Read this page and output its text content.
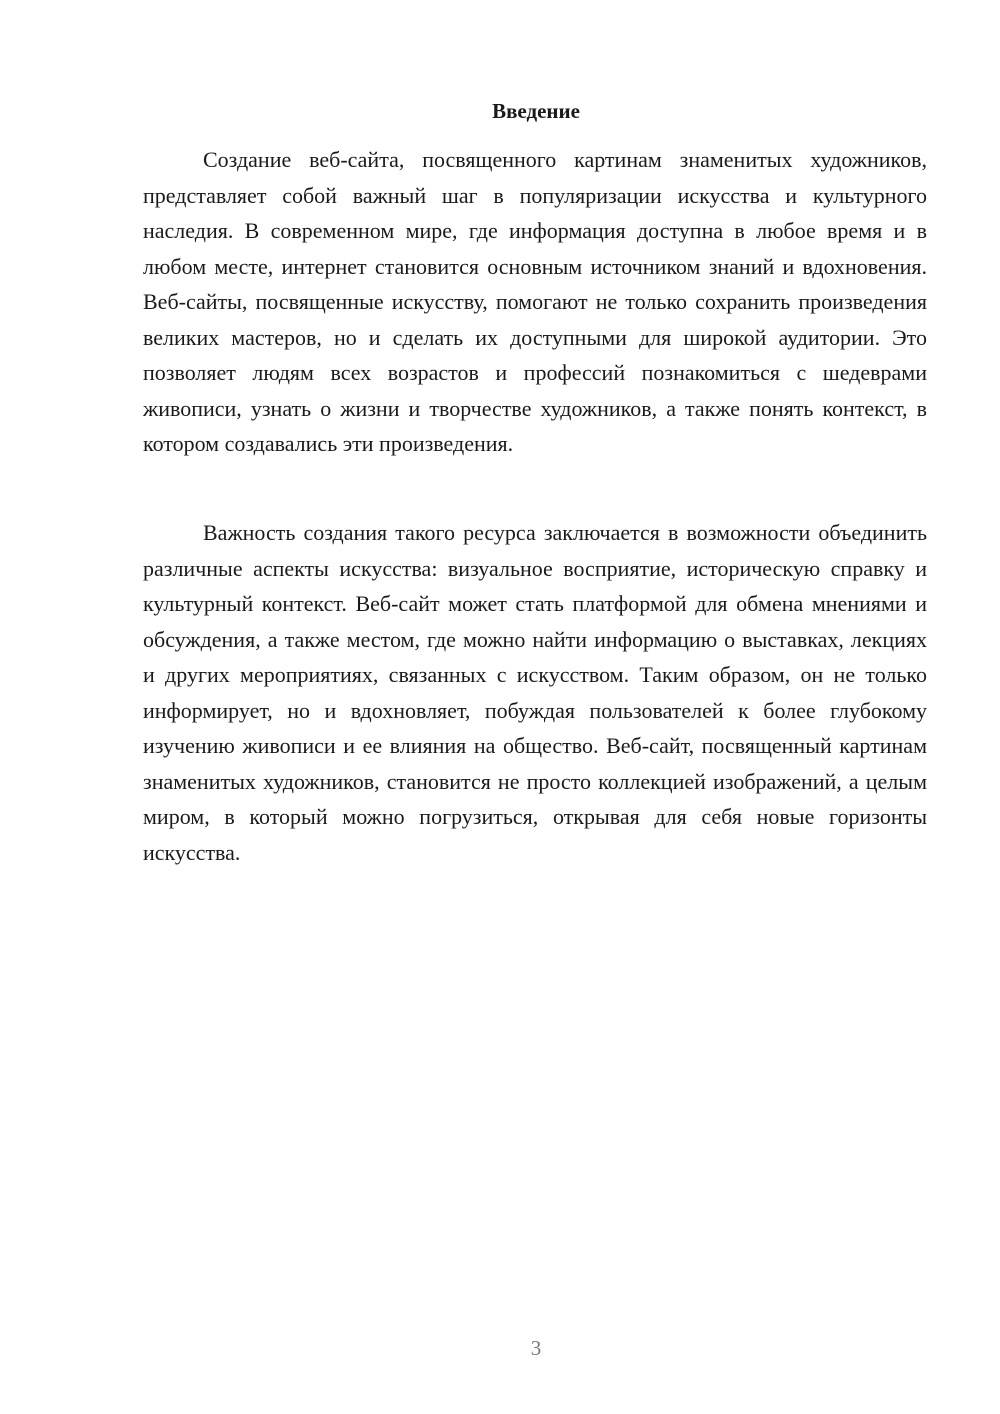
Введение

Создание веб-сайта, посвященного картинам знаменитых художников, представляет собой важный шаг в популяризации искусства и культурного наследия. В современном мире, где информация доступна в любое время и в любом месте, интернет становится основным источником знаний и вдохновения. Веб-сайты, посвященные искусству, помогают не только сохранить произведения великих мастеров, но и сделать их доступными для широкой аудитории. Это позволяет людям всех возрастов и профессий познакомиться с шедеврами живописи, узнать о жизни и творчестве художников, а также понять контекст, в котором создавались эти произведения.

Важность создания такого ресурса заключается в возможности объединить различные аспекты искусства: визуальное восприятие, историческую справку и культурный контекст. Веб-сайт может стать платформой для обмена мнениями и обсуждения, а также местом, где можно найти информацию о выставках, лекциях и других мероприятиях, связанных с искусством. Таким образом, он не только информирует, но и вдохновляет, побуждая пользователей к более глубокому изучению живописи и ее влияния на общество. Веб-сайт, посвященный картинам знаменитых художников, становится не просто коллекцией изображений, а целым миром, в который можно погрузиться, открывая для себя новые горизонты искусства.

3
